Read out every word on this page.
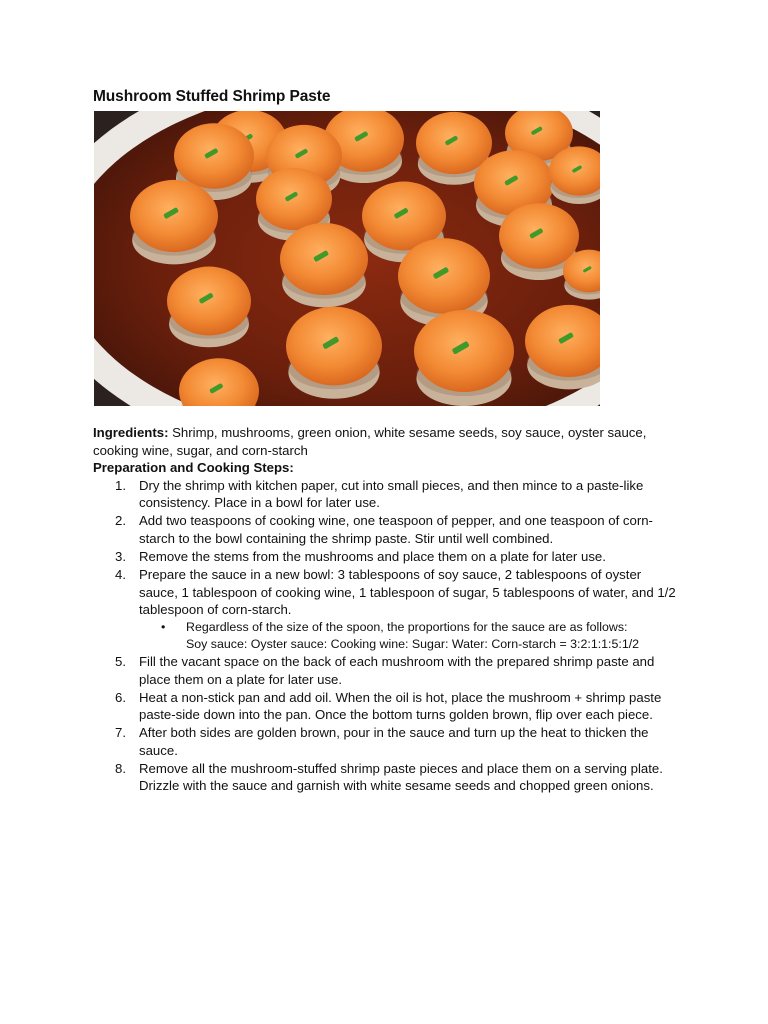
Mushroom Stuffed Shrimp Paste

Ingredients: Shrimp, mushrooms, green onion, white sesame seeds, soy sauce, oyster sauce, cooking wine, sugar, and corn-starch

Preparation and Cooking Steps:

1. Dry the shrimp with kitchen paper, cut into small pieces, and then mince to a paste-like consistency. Place in a bowl for later use.
2. Add two teaspoons of cooking wine, one teaspoon of pepper, and one teaspoon of corn-starch to the bowl containing the shrimp paste. Stir until well combined.
3. Remove the stems from the mushrooms and place them on a plate for later use.
4. Prepare the sauce in a new bowl: 3 tablespoons of soy sauce, 2 tablespoons of oyster sauce, 1 tablespoon of cooking wine, 1 tablespoon of sugar, 5 tablespoons of water, and 1/2 tablespoon of corn-starch.
• Regardless of the size of the spoon, the proportions for the sauce are as follows:
Soy sauce: Oyster sauce: Cooking wine: Sugar: Water: Corn-starch = 3:2:1:1:5:1/2
5. Fill the vacant space on the back of each mushroom with the prepared shrimp paste and place them on a plate for later use.
6. Heat a non-stick pan and add oil. When the oil is hot, place the mushroom + shrimp paste paste-side down into the pan. Once the bottom turns golden brown, flip over each piece.
7. After both sides are golden brown, pour in the sauce and turn up the heat to thicken the sauce.
8. Remove all the mushroom-stuffed shrimp paste pieces and place them on a serving plate. Drizzle with the sauce and garnish with white sesame seeds and chopped green onions.
